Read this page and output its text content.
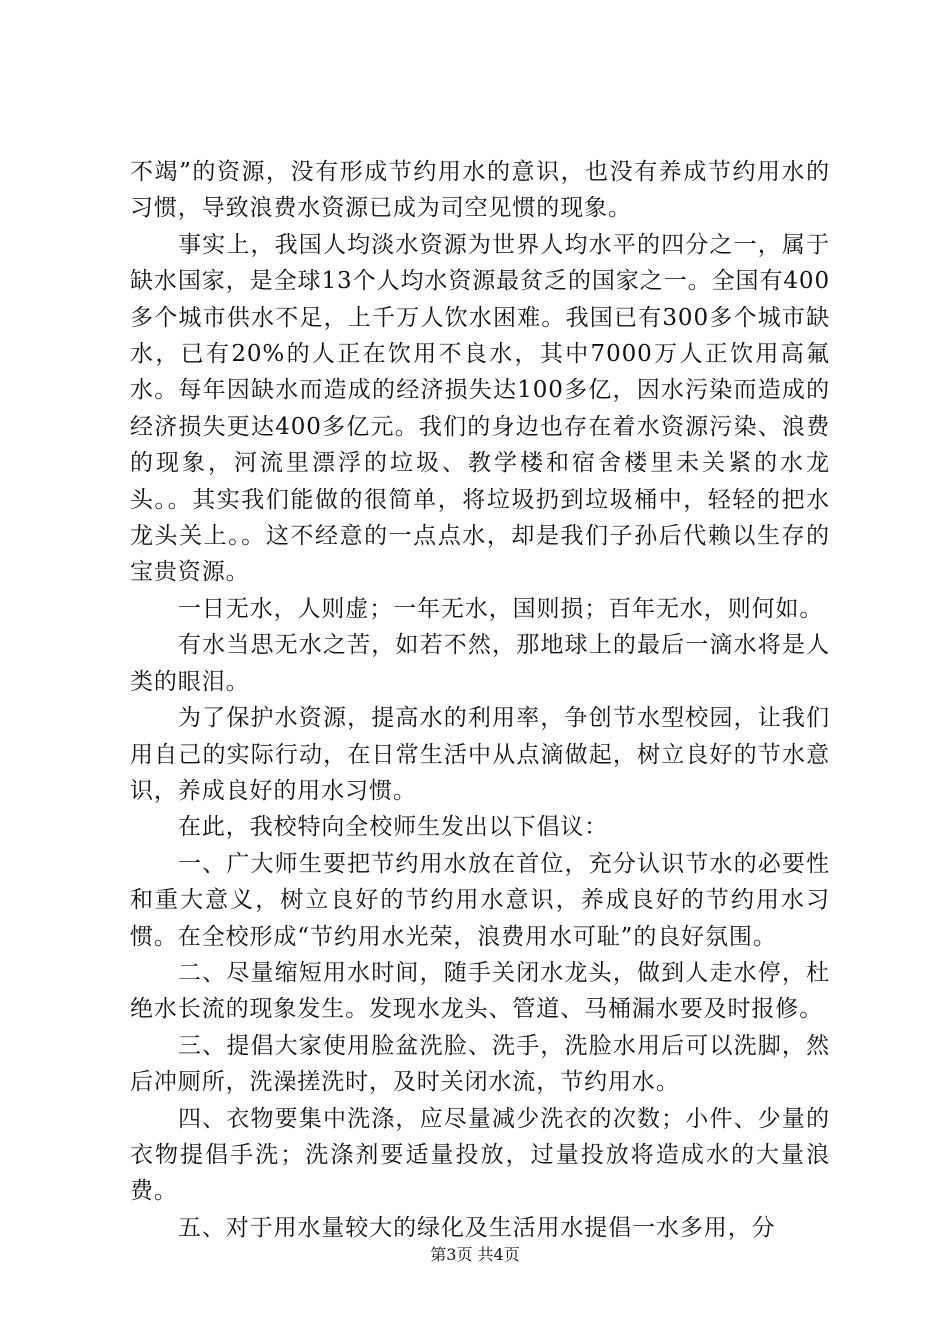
不竭”的资源，没有形成节约用水的意识，也没有养成节约用水的习惯，导致浪费水资源已成为司空见惯的现象。

事实上，我国人均淡水资源为世界人均水平的四分之一，属于缺水国家，是全球13个人均水资源最贫乏的国家之一。全国有400多个城市供水不足，上千万人饮水困难。我国已有300多个城市缺水，已有20%的人正在饮用不良水，其中7000万人正饮用高氟水。每年因缺水而造成的经济损失达100多亿，因水污染而造成的经济损失更达400多亿元。我们的身边也存在着水资源污染、浪费的现象，河流里漂浮的垃圾、教学楼和宿舍楼里未关紧的水龙头。。其实我们能做的很简单，将垃圾扔到垃圾桶中，轻轻的把水龙头关上。。这不经意的一点点水，却是我们子孙后代赖以生存的宝贵资源。

一日无水，人则虚；一年无水，国则损；百年无水，则何如。

有水当思无水之苦，如若不然，那地球上的最后一滴水将是人类的眼泪。

为了保护水资源，提高水的利用率，争创节水型校园，让我们用自己的实际行动，在日常生活中从点滴做起，树立良好的节水意识，养成良好的用水习惯。

在此，我校特向全校师生发出以下倡议：

一、广大师生要把节约用水放在首位，充分认识节水的必要性和重大意义，树立良好的节约用水意识，养成良好的节约用水习惯。在全校形成“节约用水光荣，浪费用水可耻”的良好氛围。

二、尽量缩短用水时间，随手关闭水龙头，做到人走水停，杜绝水长流的现象发生。发现水龙头、管道、马桶漏水要及时报修。

三、提倡大家使用脸盆洗脸、洗手，洗脸水用后可以洗脚，然后冲厕所，洗澡搓洗时，及时关闭水流，节约用水。

四、衣物要集中洗涤，应尽量减少洗衣的次数；小件、少量的衣物提倡手洗；洗涤剂要适量投放，过量投放将造成水的大量浪费。

五、对于用水量较大的绿化及生活用水提倡一水多用，分

第3页 共4页
